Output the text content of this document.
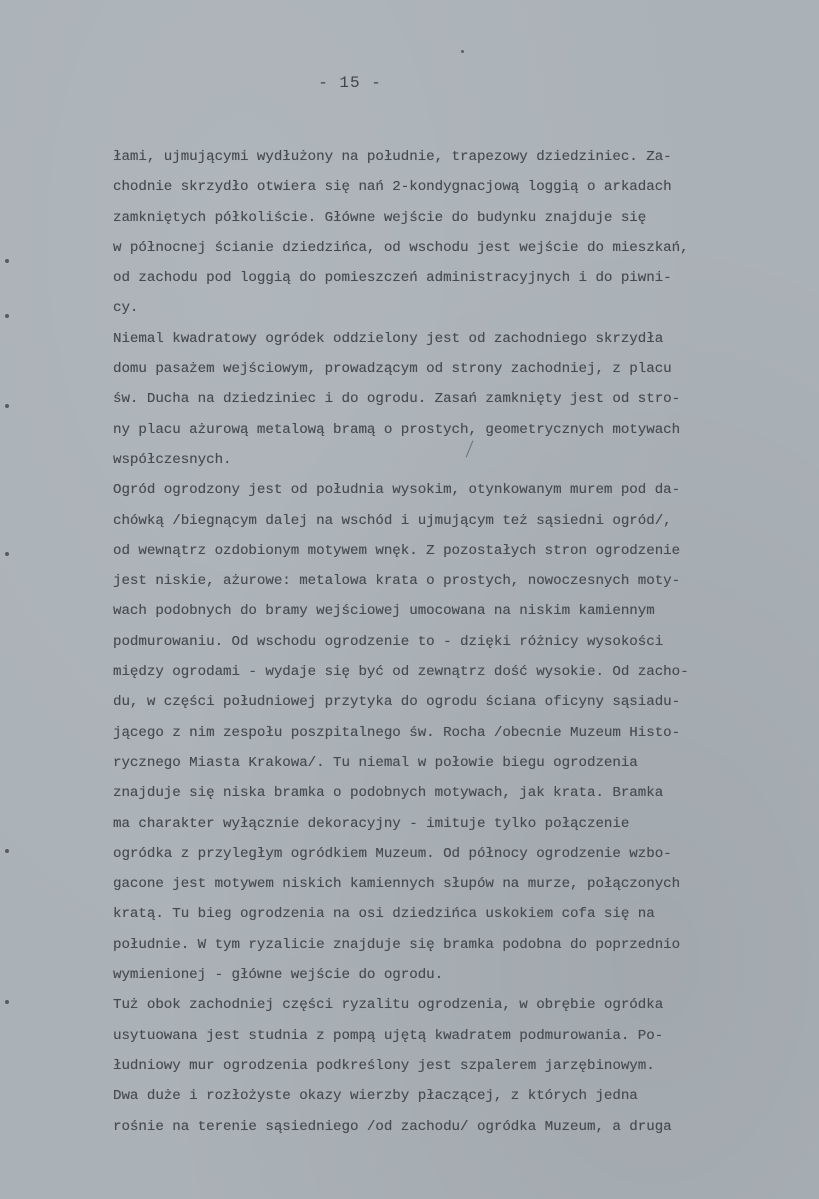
- 15 -
łami, ujmującymi wydłużony na południe, trapezowy dziedziniec. Za-
chodnie skrzydło otwiera się nań 2-kondygnacjową loggią o arkadach
zamkniętych półkoliście. Główne wejście do budynku znajduje się
w północnej ścianie dziedzińca, od wschodu jest wejście do mieszkań,
od zachodu pod loggią do pomieszczeń administracyjnych i do piwni-
cy.
Niemal kwadratowy ogródek oddzielony jest od zachodniego skrzydła
domu pasażem wejściowym, prowadzącym od strony zachodniej, z placu
św. Ducha na dziedziniec i do ogrodu. Zasań zamknięty jest od stro-
ny placu ażurową metalową bramą o prostych, geometrycznych motywach
współczesnych.
Ogród ogrodzony jest od południa wysokim, otynkowanym murem pod da-
chówką /biegnącym dalej na wschód i ujmującym też sąsiedni ogród/,
od wewnątrz ozdobionym motywem wnęk. Z pozostałych stron ogrodzenie
jest niskie, ażurowe: metalowa krata o prostych, nowoczesnych moty-
wach podobnych do bramy wejściowej umocowana na niskim kamiennym
podmurowaniu. Od wschodu ogrodzenie to - dzięki różnicy wysokości
między ogrodami - wydaje się być od zewnątrz dość wysokie. Od zacho-
du, w części południowej przytyka do ogrodu ściana oficyny sąsiadu-
jącego z nim zespołu poszpitalnego św. Rocha /obecnie Muzeum Histo-
rycznego Miasta Krakowa/. Tu niemal w połowie biegu ogrodzenia
znajduje się niska bramka o podobnych motywach, jak krata. Bramka
ma charakter wyłącznie dekoracyjny - imituje tylko połączenie
ogródka z przyległym ogródkiem Muzeum. Od północy ogrodzenie wzbo-
gacone jest motywem niskich kamiennych słupów na murze, połączonych
kratą. Tu bieg ogrodzenia na osi dziedzińca uskokiem cofa się na
południe. W tym ryzalicie znajduje się bramka podobna do poprzednio
wymienionej - główne wejście do ogrodu.
Tuż obok zachodniej części ryzalitu ogrodzenia, w obrębie ogródka
usytuowana jest studnia z pompą ujętą kwadratem podmurowania. Po-
łudniowy mur ogrodzenia podkreślony jest szpalerem jarzębinowym.
Dwa duże i rozłożyste okazy wierzby płaczącej, z których jedna
rośnie na terenie sąsiedniego /od zachodu/ ogródka Muzeum, a druga
